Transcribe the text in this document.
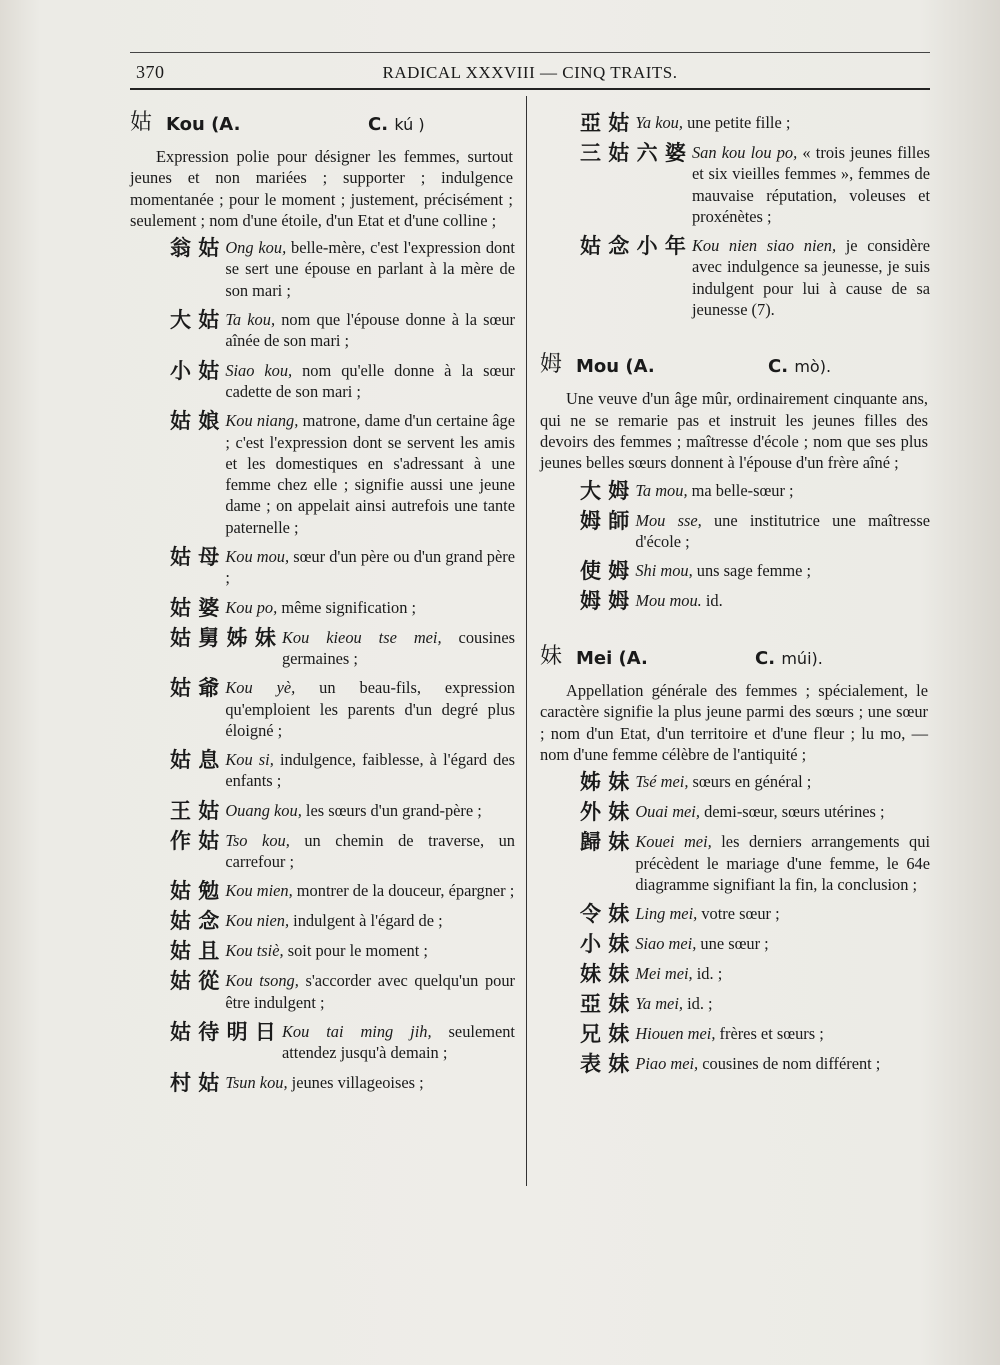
370	RADICAL XXXVIII — CINQ TRAITS.
姑 Kou (A.	C. kú )

Expression polie pour désigner les femmes, surtout jeunes et non mariées ; supporter ; indulgence momentanée ; pour le moment ; justement, précisément ; seulement ; nom d'une étoile, d'un Etat et d'une colline ;

翁 姑 Ong kou, belle-mère, c'est l'expression dont se sert une épouse en parlant à la mère de son mari ;
大 姑 Ta kou, nom que l'épouse donne à la sœur aînée de son mari ;
小 姑 Siao kou, nom qu'elle donne à la sœur cadette de son mari ;
姑 娘 Kou niang, matrone, dame d'un certaine âge ; c'est l'expression dont se servent les amis et les domestiques en s'adressant à une femme chez elle ; signifie aussi une jeune dame ; on appelait ainsi autrefois une tante paternelle ;
姑 母 Kou mou, sœur d'un père ou d'un grand père ;
姑 婆 Kou po, même signification ;
姑 舅 姊 妹 Kou kieou tse mei, cousines germaines ;
姑 爺 Kou yè, un beau-fils, expression qu'emploient les parents d'un degré plus éloigné ;
姑 息 Kou si, indulgence, faiblesse, à l'égard des enfants ;
王 姑 Ouang kou, les sœurs d'un grand-père ;
作 姑 Tso kou, un chemin de traverse, un carrefour ;
姑 勉 Kou mien, montrer de la douceur, épargner ;
姑 念 Kou nien, indulgent à l'égard de ;
姑 且 Kou tsiè, soit pour le moment ;
姑 從 Kou tsong, s'accorder avec quelqu'un pour être indulgent ;
姑 待 明 日 Kou tai ming jih, seulement attendez jusqu'à demain ;
村 姑 Tsun kou, jeunes villageoises ;
亞 姑 Ya kou, une petite fille ;
三 姑 六 婆 San kou lou po, « trois jeunes filles et six vieilles femmes », femmes de mauvaise réputation, voleuses et proxénètes ;
姑 念 小 年 Kou nien siao nien, je considère avec indulgence sa jeunesse, je suis indulgent pour lui à cause de sa jeunesse (7).
姆 Mou (A.	C. mò).

Une veuve d'un âge mûr, ordinairement cinquante ans, qui ne se remarie pas et instruit les jeunes filles des devoirs des femmes ; maîtresse d'école ; nom que ses plus jeunes belles sœurs donnent à l'épouse d'un frère aîné ;

大 姆 Ta mou, ma belle-sœur ;
姆 師 Mou sse, une institutrice une maîtresse d'école ;
使 姆 Shi mou, uns sage femme ;
姆 姆 Mou mou. id.
妹 Mei (A.	C. múi).

Appellation générale des femmes ; spécialement, le caractère signifie la plus jeune parmi des sœurs ; une sœur ; nom d'un Etat, d'un territoire et d'une fleur ; lu mo, — nom d'une femme célèbre de l'antiquité ;

姊 妹 Tsé mei, sœurs en général ;
外 妹 Ouai mei, demi-sœur, sœurs utérines ;
歸 妹 Kouei mei, les derniers arrangements qui précèdent le mariage d'une femme, le 64e diagramme signifiant la fin, la conclusion ;
令 妹 Ling mei, votre sœur ;
小 妹 Siao mei, une sœur ;
妹 妹 Mei mei, id. ;
亞 妹 Ya mei, id. ;
兄 妹 Hiouen mei, frères et sœurs ;
表 妹 Piao mei, cousines de nom différent ;
